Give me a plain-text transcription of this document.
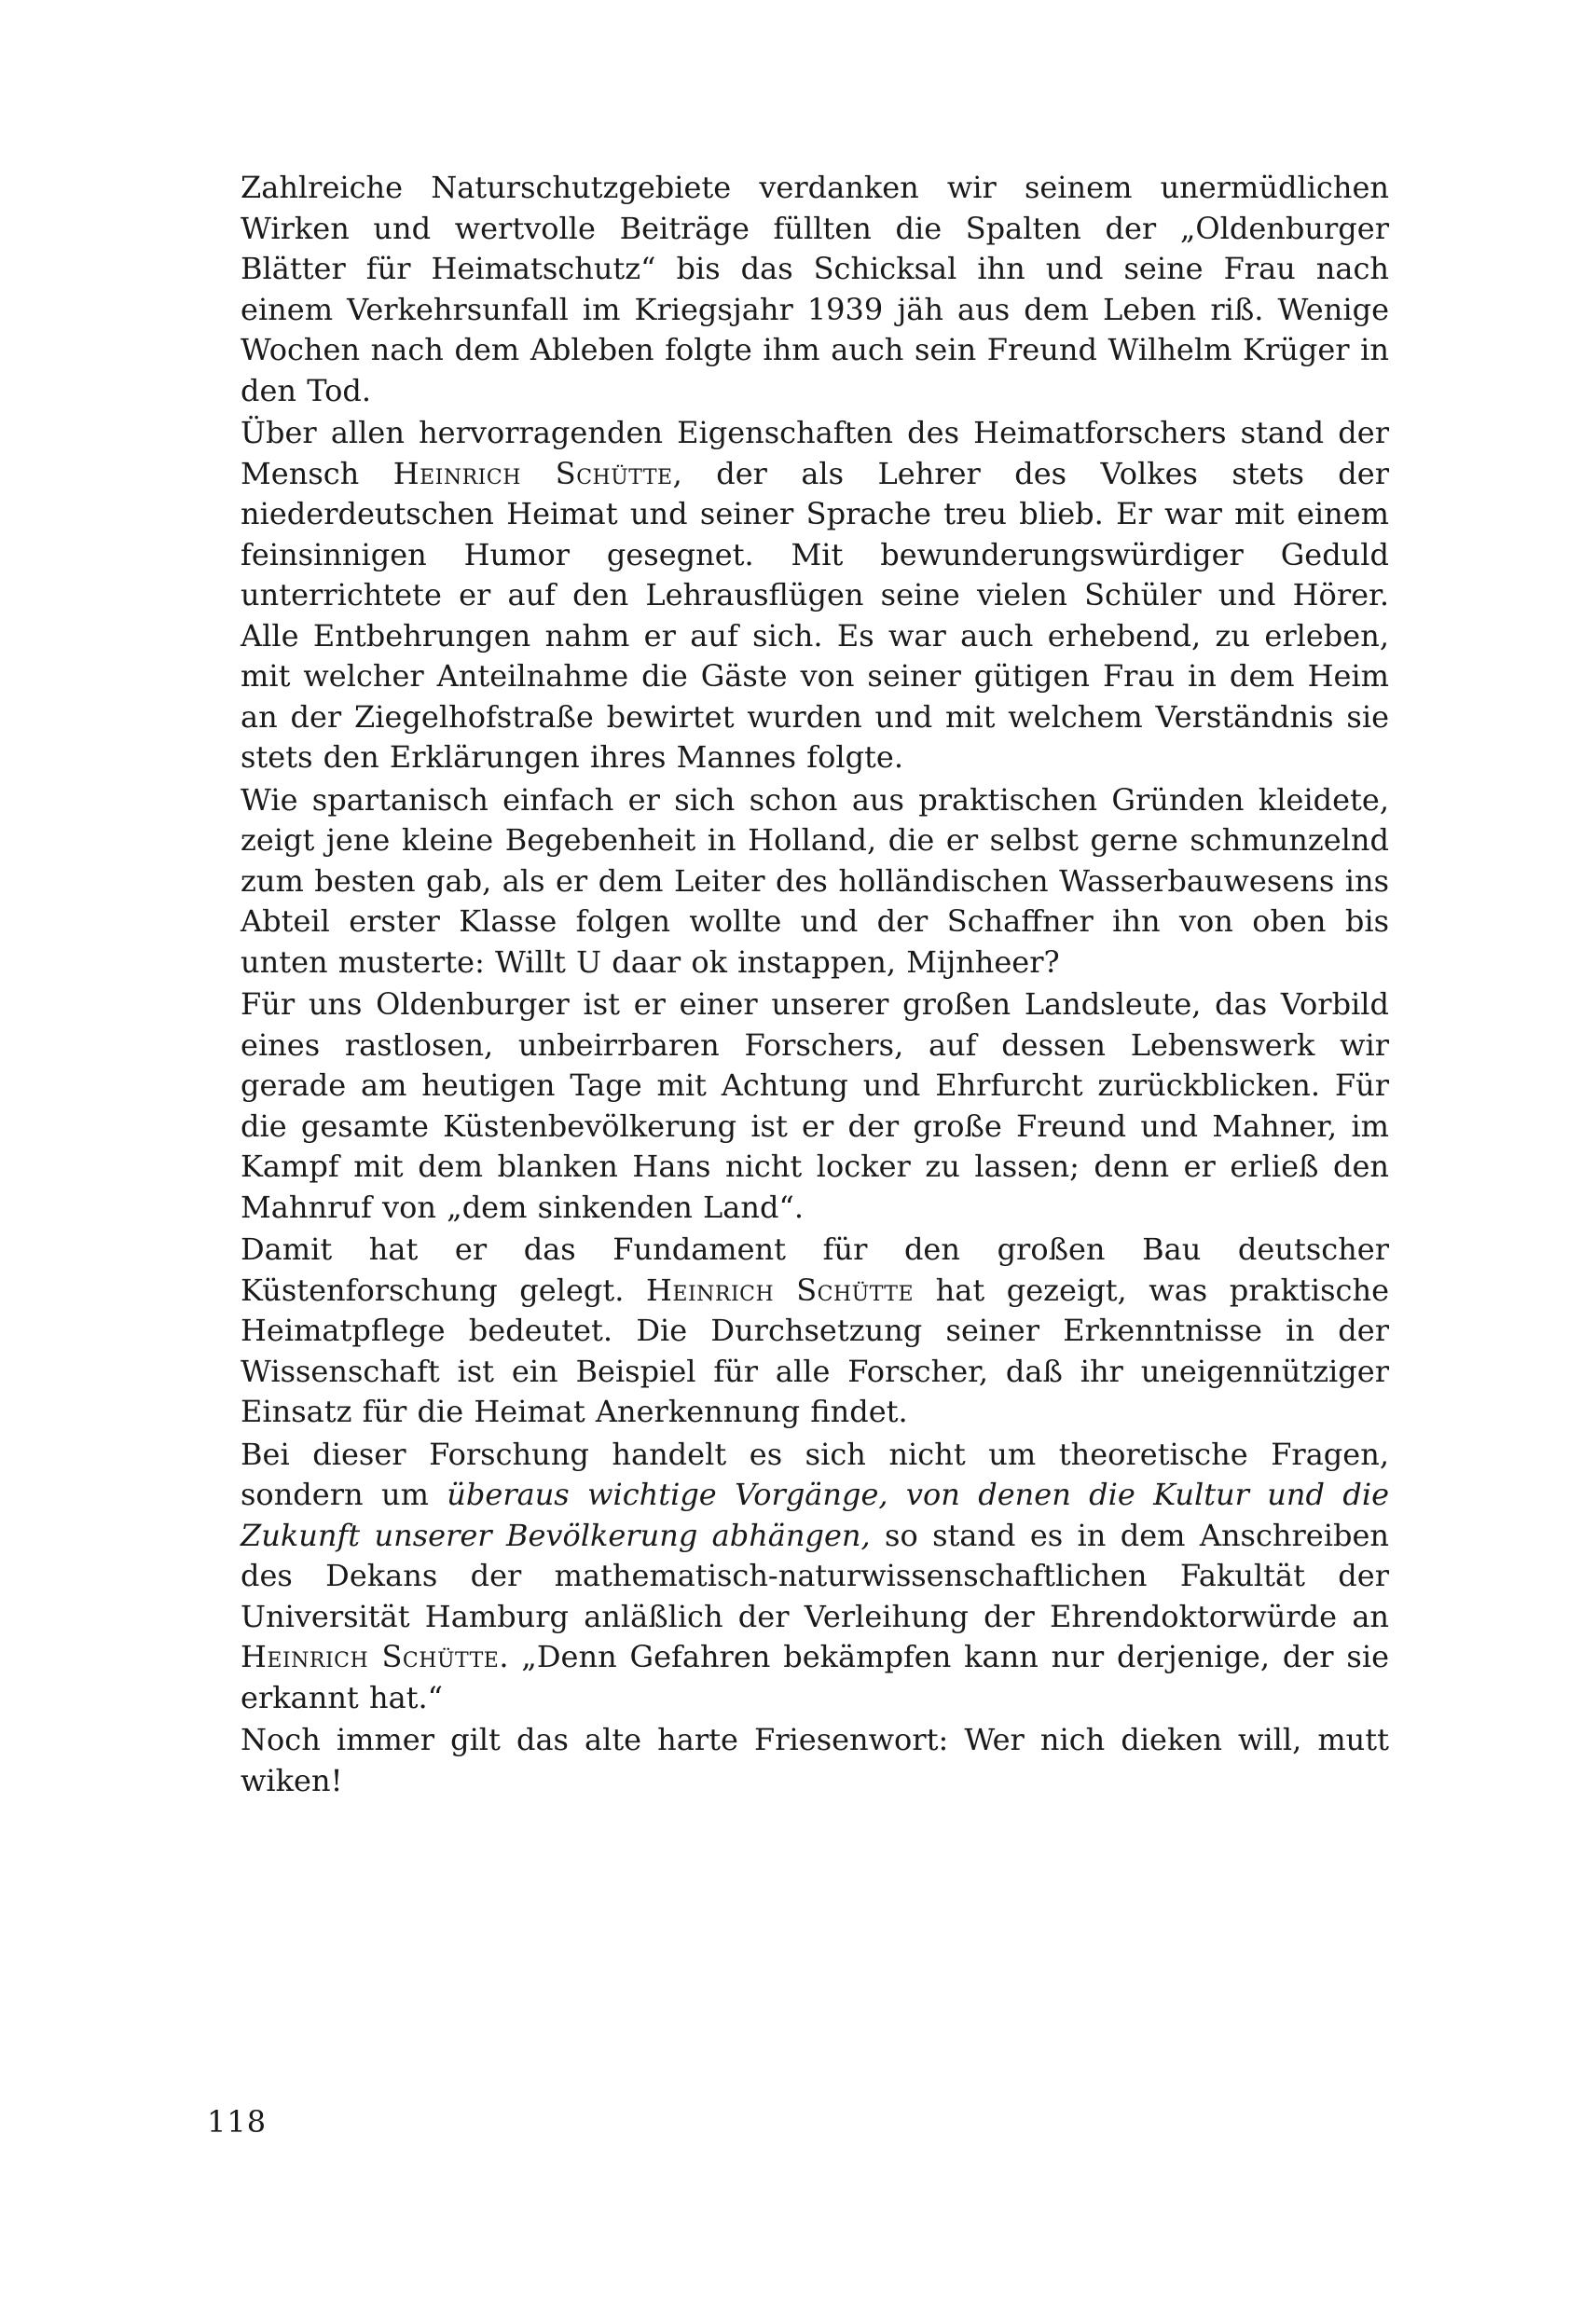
Zahlreiche Naturschutzgebiete verdanken wir seinem unermüdlichen Wirken und wertvolle Beiträge füllten die Spalten der „Oldenburger Blätter für Heimatschutz“ bis das Schicksal ihn und seine Frau nach einem Verkehrsunfall im Kriegsjahr 1939 jäh aus dem Leben riß. Wenige Wochen nach dem Ableben folgte ihm auch sein Freund Wilhelm Krüger in den Tod.

Über allen hervorragenden Eigenschaften des Heimatforschers stand der Mensch Heinrich Schütte, der als Lehrer des Volkes stets der niederdeutschen Heimat und seiner Sprache treu blieb. Er war mit einem feinsinnigen Humor gesegnet. Mit bewunderungswürdiger Geduld unterrichtete er auf den Lehrausflügen seine vielen Schüler und Hörer. Alle Entbehrungen nahm er auf sich. Es war auch erhebend, zu erleben, mit welcher Anteilnahme die Gäste von seiner gütigen Frau in dem Heim an der Ziegelhofstraße bewirtet wurden und mit welchem Verständnis sie stets den Erklärungen ihres Mannes folgte.

Wie spartanisch einfach er sich schon aus praktischen Gründen kleidete, zeigt jene kleine Begebenheit in Holland, die er selbst gerne schmunzelnd zum besten gab, als er dem Leiter des holländischen Wasserbauwesens ins Abteil erster Klasse folgen wollte und der Schaffner ihn von oben bis unten musterte: Willt U daar ok instappen, Mijnheer?

Für uns Oldenburger ist er einer unserer großen Landsleute, das Vorbild eines rastlosen, unbeirrbaren Forschers, auf dessen Lebenswerk wir gerade am heutigen Tage mit Achtung und Ehrfurcht zurückblicken. Für die gesamte Küstenbevölkerung ist er der große Freund und Mahner, im Kampf mit dem blanken Hans nicht locker zu lassen; denn er erließ den Mahnruf von „dem sinkenden Land“.

Damit hat er das Fundament für den großen Bau deutscher Küstenforschung gelegt. Heinrich Schütte hat gezeigt, was praktische Heimatpflege bedeutet. Die Durchsetzung seiner Erkenntnisse in der Wissenschaft ist ein Beispiel für alle Forscher, daß ihr uneigennütziger Einsatz für die Heimat Anerkennung findet.

Bei dieser Forschung handelt es sich nicht um theoretische Fragen, sondern um überaus wichtige Vorgänge, von denen die Kultur und die Zukunft unserer Bevölkerung abhängen, so stand es in dem Anschreiben des Dekans der mathematisch-naturwissenschaftlichen Fakultät der Universität Hamburg anläßlich der Verleihung der Ehrendoktorwürde an Heinrich Schütte. „Denn Gefahren bekämpfen kann nur derjenige, der sie erkannt hat.“

Noch immer gilt das alte harte Friesenwort: Wer nich dieken will, mutt wiken!

118
